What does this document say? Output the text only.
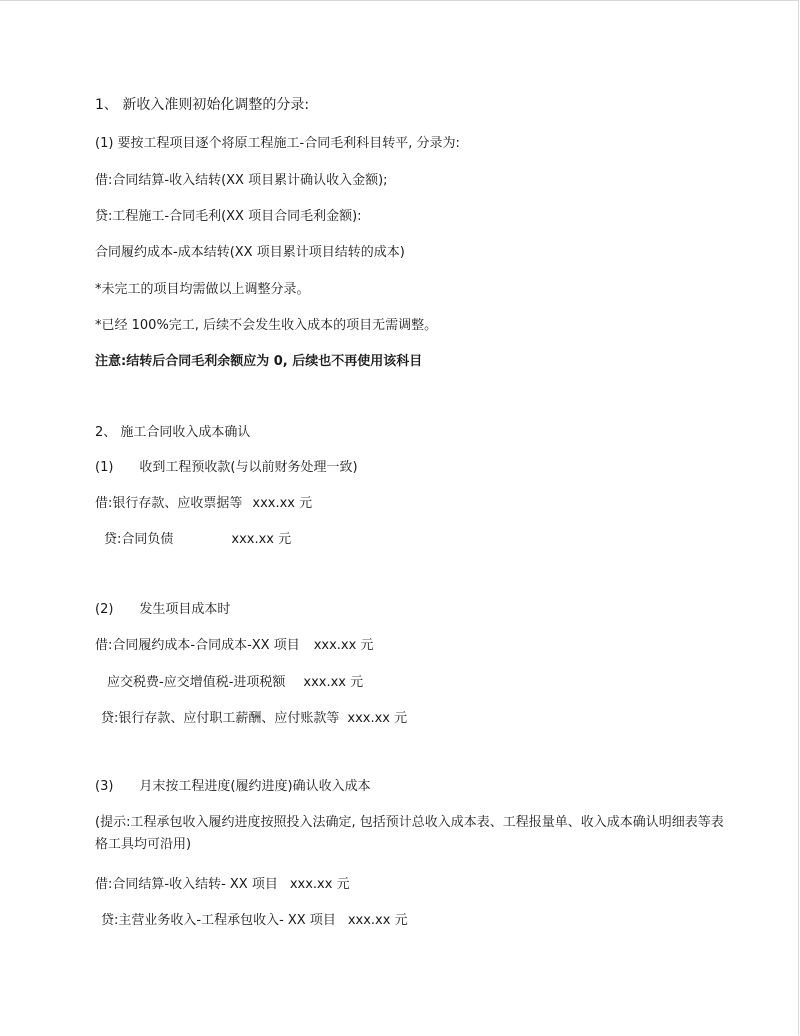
1、 新收入准则初始化调整的分录:
(1) 要按工程项目逐个将原工程施工-合同毛利科目转平, 分录为:
借:合同结算-收入结转(XX 项目累计确认收入金额);
贷:工程施工-合同毛利(XX 项目合同毛利金额):
合同履约成本-成本结转(XX 项目累计项目结转的成本)
*未完工的项目均需做以上调整分录。
*已经 100%完工, 后续不会发生收入成本的项目无需调整。
注意:结转后合同毛利余额应为 0, 后续也不再使用该科目
2、 施工合同收入成本确认
(1) 收到工程预收款(与以前财务处理一致)
借:银行存款、应收票据等 xxx.xx 元
贷:合同负债	xxx.xx 元
(2) 发生项目成本时
借:合同履约成本-合同成本-XX 项目 xxx.xx 元
应交税费-应交增值税-进项税额 xxx.xx 元
贷:银行存款、应付职工薪酬、应付账款等 xxx.xx 元
(3) 月末按工程进度(履约进度)确认收入成本
(提示:工程承包收入履约进度按照投入法确定, 包括预计总收入成本表、工程报量单、收入成本确认明细表等表格工具均可沿用)
借:合同结算-收入结转- XX 项目 xxx.xx 元
贷:主营业务收入-工程承包收入- XX 项目 xxx.xx 元
